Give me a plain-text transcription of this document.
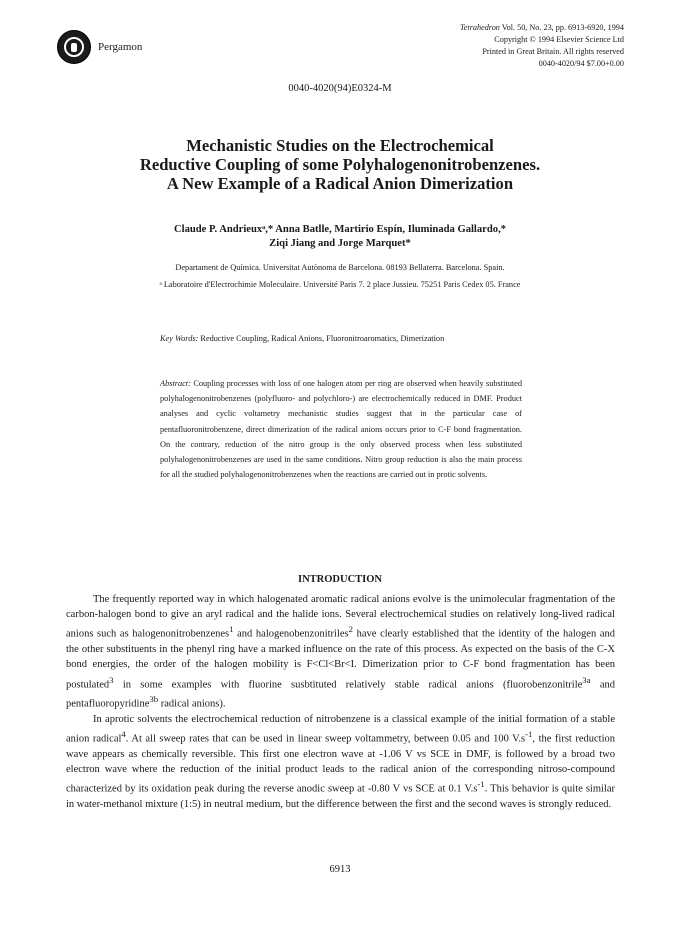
Pergamon
Tetrahedron Vol. 50, No. 23, pp. 6913-6920, 1994
Copyright © 1994 Elsevier Science Ltd
Printed in Great Britain. All rights reserved
0040-4020/94 $7.00+0.00
0040-4020(94)E0324-M
Mechanistic Studies on the Electrochemical
Reductive Coupling of some Polyhalogenonitrobenzenes.
A New Example of a Radical Anion Dimerization
Claude P. Andrieuxᵃ,* Anna Batlle, Martirio Espín, Iluminada Gallardo,*
Ziqi Jiang and Jorge Marquet*
Departament de Química. Universitat Autònoma de Barcelona. 08193 Bellaterra. Barcelona. Spain.
ᵃ Laboratoire d'Electrochimie Moleculaire. Université Paris 7. 2 place Jussieu. 75251 Paris Cedex 05. France
Key Words: Reductive Coupling, Radical Anions, Fluoronitroaromatics, Dimerization
Abstract: Coupling processes with loss of one halogen atom per ring are observed when heavily substituted polyhalogenonitrobenzenes (polyfluoro- and polychloro-) are electrochemically reduced in DMF. Product analyses and cyclic voltametry mechanistic studies suggest that in the particular case of pentafluoronitrobenzene, direct dimerization of the radical anions occurs prior to C-F bond fragmentation. On the contrary, reduction of the nitro group is the only observed process when less substituted polyhalogenonitrobenzenes are used in the same conditions. Nitro group reduction is also the main process for all the studied polyhalogenonitrobenzenes when the reactions are carried out in protic solvents.
INTRODUCTION

The frequently reported way in which halogenated aromatic radical anions evolve is the unimolecular fragmentation of the carbon-halogen bond to give an aryl radical and the halide ions. Several electrochemical studies on relatively long-lived radical anions such as halogenonitrobenzenes$^1$ and halogenobenzonitriles$^2$ have clearly established that the identity of the halogen and the other substituents in the phenyl ring have a marked influence on the rate of this process. As expected on the basis of the C-X bond energies, the order of the halogen mobility is F<Cl<Br<I. Dimerization prior to C-F bond fragmentation has been postulated$^3$ in some examples with fluorine susbtituted relatively stable radical anions (fluorobenzonitrile$^{3a}$ and pentafluoropyridine$^{3b}$ radical anions).

In aprotic solvents the electrochemical reduction of nitrobenzene is a classical example of the initial formation of a stable anion radical$^4$. At all sweep rates that can be used in linear sweep voltammetry, between 0.05 and 100 $V.s^{-1}$, the first reduction wave appears as chemically reversible. This first one electron wave at -1.06 V vs SCE in DMF, is followed by a broad two electron wave where the reduction of the initial product leads to the radical anion of the corresponding nitroso-compound characterized by its oxidation peak during the reverse anodic sweep at -0.80 V vs SCE at 0.1 $V.s^{-1}$. This behavior is quite similar in water-methanol mixture (1:5) in neutral medium, but the difference between the first and the second waves is strongly reduced.

6913
